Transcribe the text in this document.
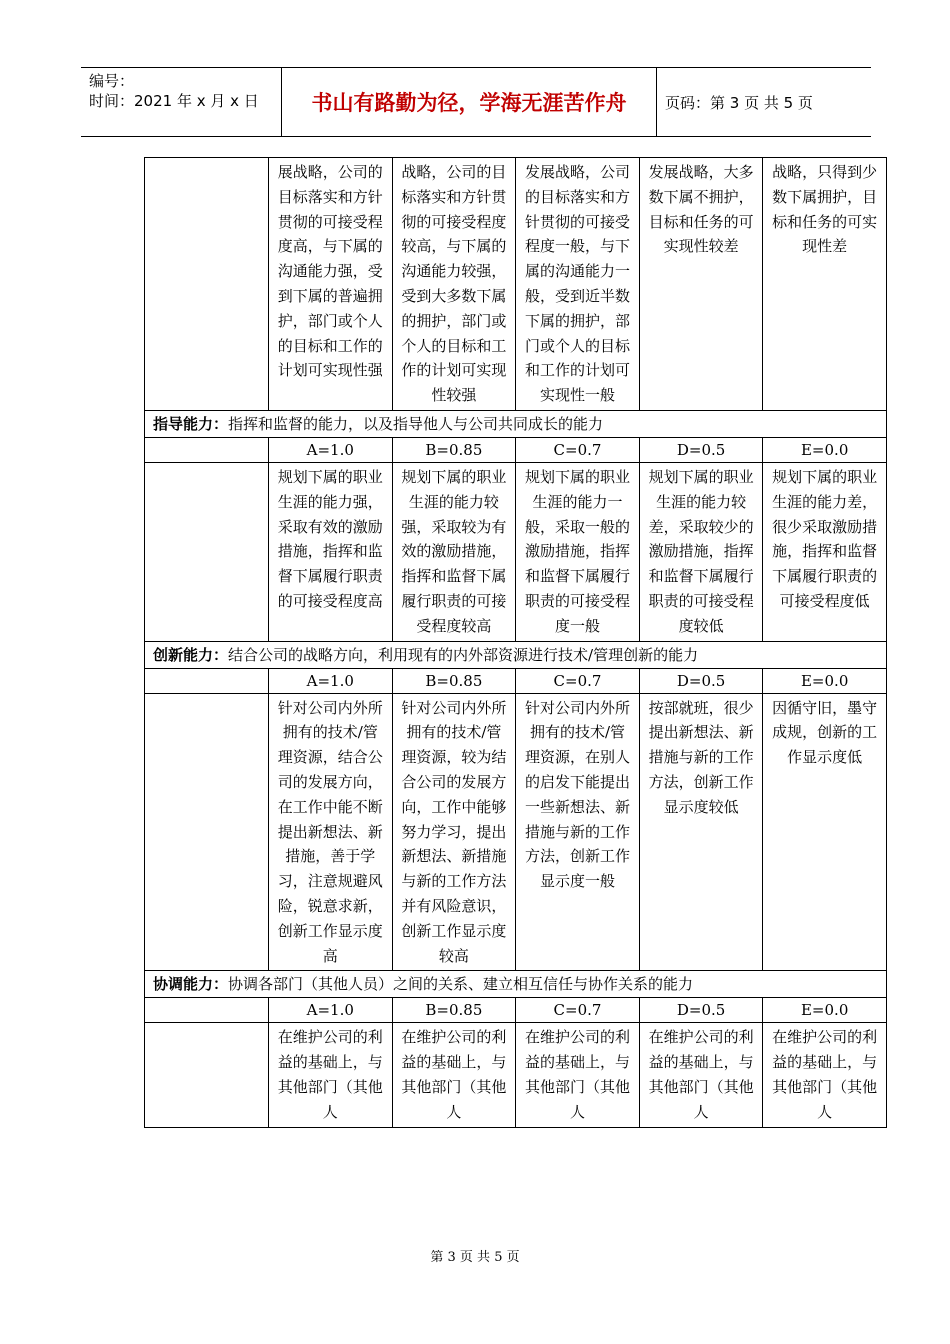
编号：
时间：2021 年 x 月 x 日	书山有路勤为径，学海无涯苦作舟	页码：第 3 页 共 5 页
	展战略，公司的目标落实和方针贯彻的可接受程度高，与下属的沟通能力强，受到下属的普遍拥护，部门或个人的目标和工作的计划可实现性强	战略，公司的目标落实和方针贯彻的可接受程度较高，与下属的沟通能力较强，受到大多数下属的拥护，部门或个人的目标和工作的计划可实现性较强	发展战略，公司的目标落实和方针贯彻的可接受程度一般，与下属的沟通能力一般，受到近半数下属的拥护，部门或个人的目标和工作的计划可实现性一般	发展战略，大多数下属不拥护，目标和任务的可实现性较差	战略，只得到少数下属拥护，目标和任务的可实现性差
指导能力：指挥和监督的能力，以及指导他人与公司共同成长的能力					
	A=1.0	B=0.85	C=0.7	D=0.5	E=0.0
	规划下属的职业生涯的能力强，采取有效的激励措施，指挥和监督下属履行职责的可接受程度高	规划下属的职业生涯的能力较强，采取较为有效的激励措施，指挥和监督下属履行职责的可接受程度较高	规划下属的职业生涯的能力一般，采取一般的激励措施，指挥和监督下属履行职责的可接受程度一般	规划下属的职业生涯的能力较差，采取较少的激励措施，指挥和监督下属履行职责的可接受程度较低	规划下属的职业生涯的能力差，很少采取激励措施，指挥和监督下属履行职责的可接受程度低
创新能力：结合公司的战略方向，利用现有的内外部资源进行技术/管理创新的能力					
	A=1.0	B=0.85	C=0.7	D=0.5	E=0.0
	针对公司内外所拥有的技术/管理资源，结合公司的发展方向，在工作中能不断提出新想法、新措施，善于学习，注意规避风险，锐意求新，创新工作显示度高	针对公司内外所拥有的技术/管理资源，较为结合公司的发展方向，工作中能够努力学习，提出新想法、新措施与新的工作方法并有风险意识，创新工作显示度较高	针对公司内外所拥有的技术/管理资源，在别人的启发下能提出一些新想法、新措施与新的工作方法，创新工作显示度一般	按部就班，很少提出新想法、新措施与新的工作方法，创新工作显示度较低	因循守旧，墨守成规，创新的工作显示度低
协调能力：协调各部门（其他人员）之间的关系、建立相互信任与协作关系的能力					
	A=1.0	B=0.85	C=0.7	D=0.5	E=0.0
	在维护公司的利益的基础上，与其他部门（其他人	在维护公司的利益的基础上，与其他部门（其他人	在维护公司的利益的基础上，与其他部门（其他人	在维护公司的利益的基础上，与其他部门（其他人	在维护公司的利益的基础上，与其他部门（其他人
第 3 页 共 5 页
